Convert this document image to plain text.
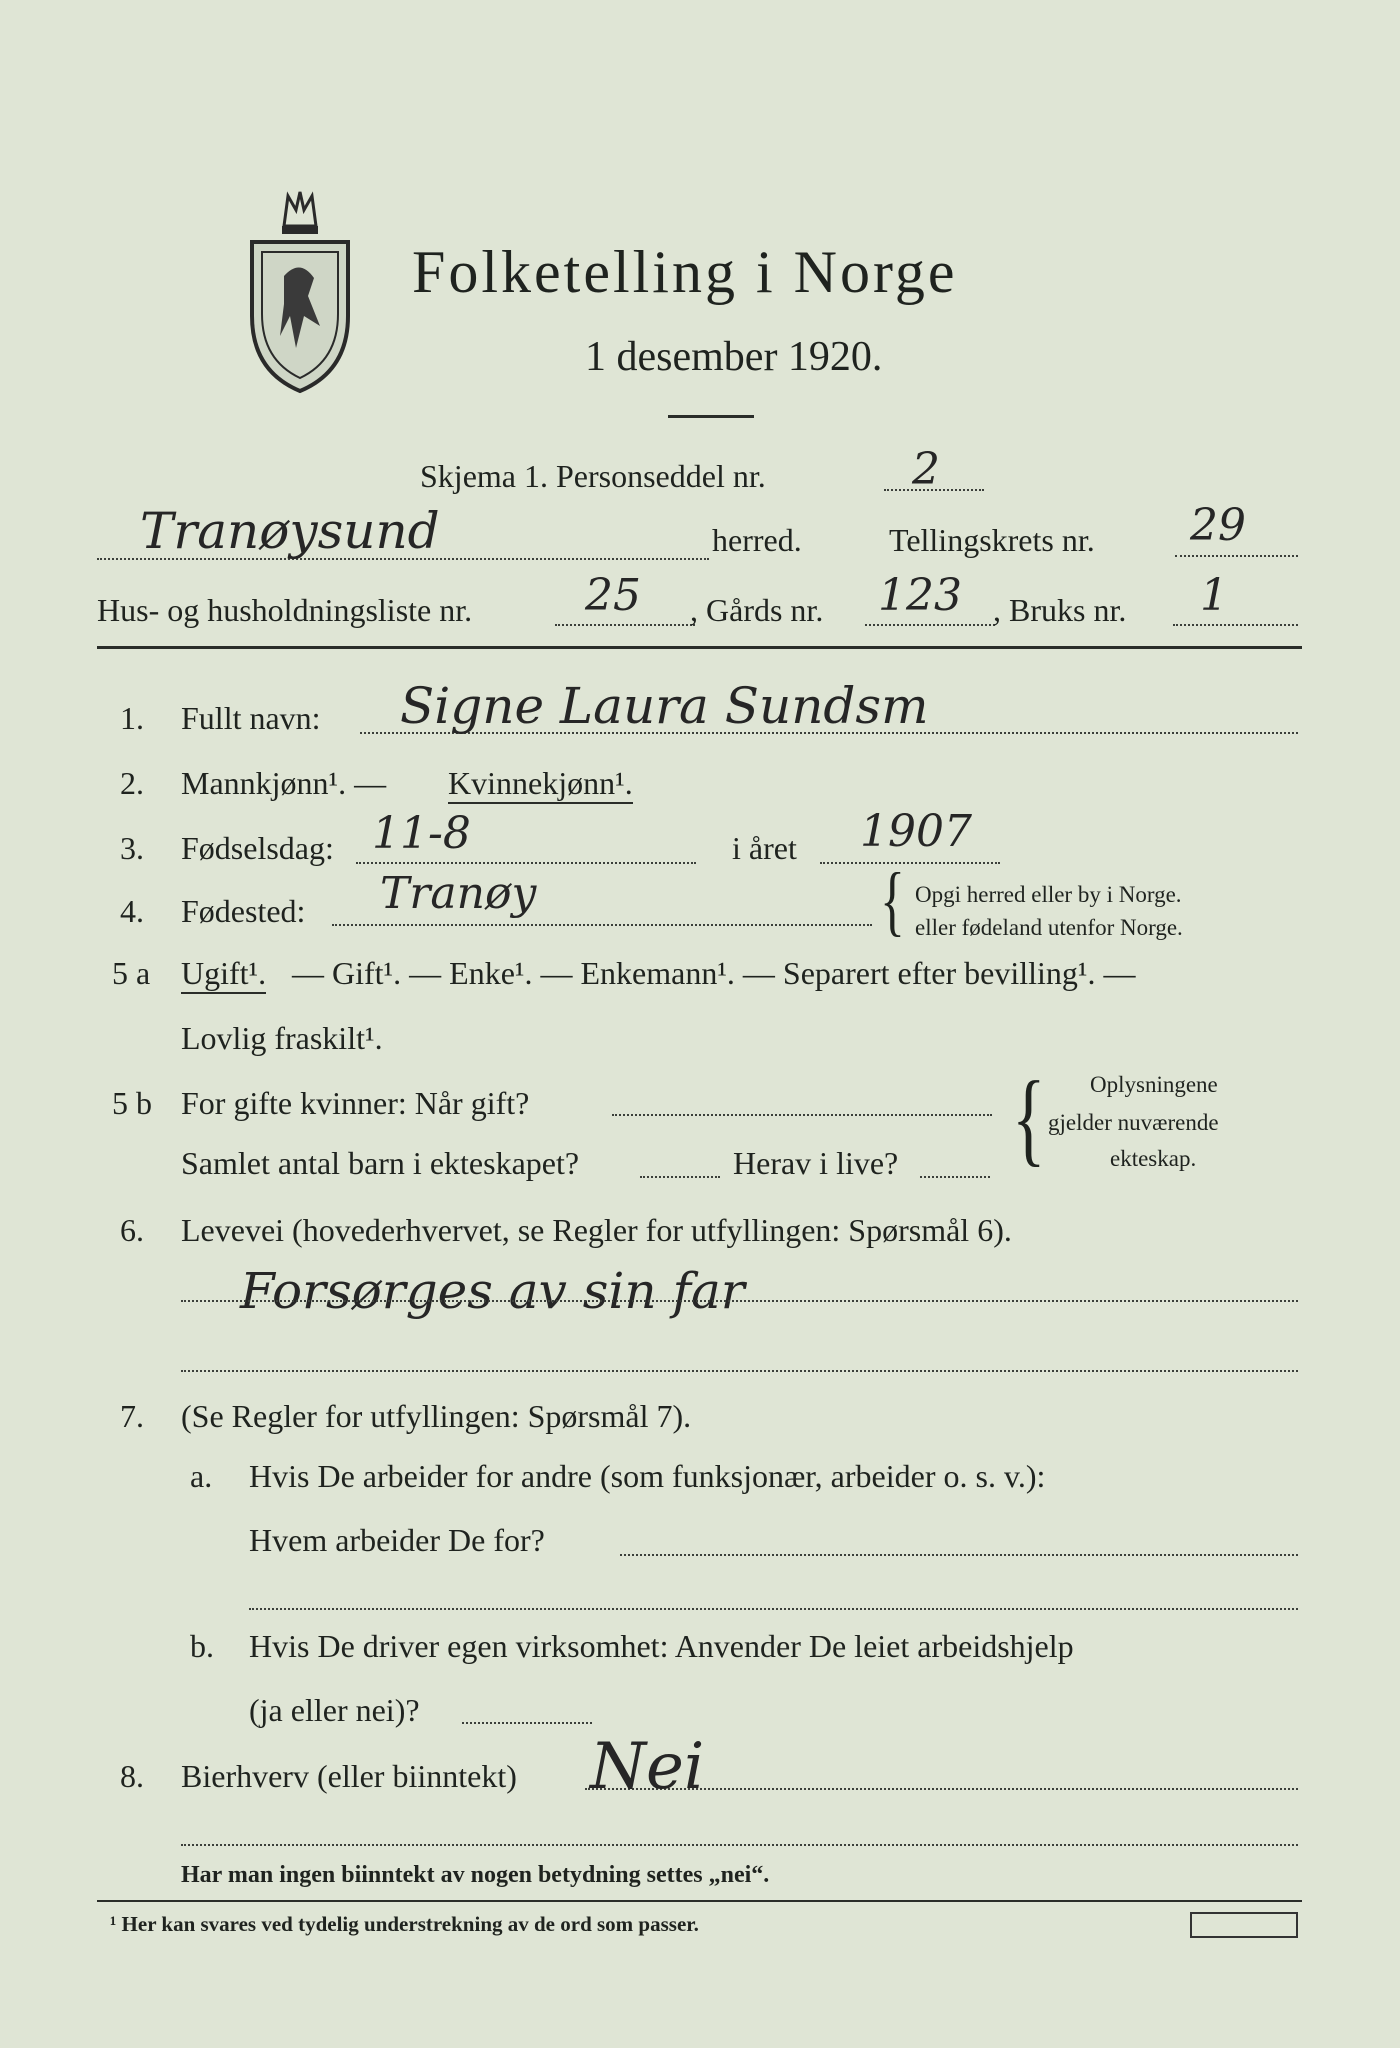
Folketelling i Norge
1 desember 1920.
Skjema 1. Personseddel nr.	2
Tranøysund	herred.	Tellingskrets nr. 29
Hus- og husholdningsliste nr.	25 , Gårds nr. 123 , Bruks nr. 1
1. Fullt navn: Signe Laura Sundsm
2. Mannkjønn¹. — Kvinnekjønn¹.
3. Fødselsdag: 11-8	i året 1907
4. Fødested: Tranøy	{ Opgi herred eller by i Norge.
eller fødeland utenfor Norge.
5 a Ugift¹. — Gift¹. — Enke¹. — Enkemann¹. — Separert efter bevilling¹. —
Lovlig fraskilt¹.
5 b For gifte kvinner: Når gift?
Samlet antal barn i ekteskapet?	Herav i live? { Oplysningene
gjelder nuværende
ekteskap.
6. Levevei (hovederhvervet, se Regler for utfyllingen: Spørsmål 6).
Forsørges av sin far
7. (Se Regler for utfyllingen: Spørsmål 7).
a. Hvis De arbeider for andre (som funksjonær, arbeider o. s. v.):
Hvem arbeider De for?
b. Hvis De driver egen virksomhet: Anvender De leiet arbeidshjelp
(ja eller nei)?
8. Bierhverv (eller biinntekt) Nei
Har man ingen biinntekt av nogen betydning settes „nei“.
¹ Her kan svares ved tydelig understrekning av de ord som passer.
